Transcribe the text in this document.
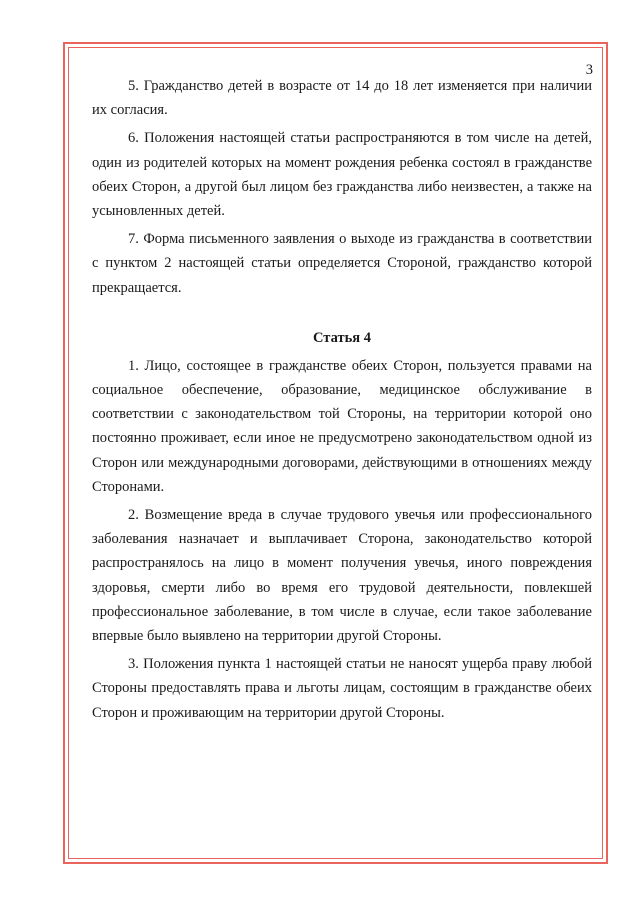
3

5. Гражданство детей в возрасте от 14 до 18 лет изменяется при наличии их согласия.

6. Положения настоящей статьи распространяются в том числе на детей, один из родителей которых на момент рождения ребенка состоял в гражданстве обеих Сторон, а другой был лицом без гражданства либо неизвестен, а также на усыновленных детей.

7. Форма письменного заявления о выходе из гражданства в соответствии с пунктом 2 настоящей статьи определяется Стороной, гражданство которой прекращается.

Статья 4

1. Лицо, состоящее в гражданстве обеих Сторон, пользуется правами на социальное обеспечение, образование, медицинское обслуживание в соответствии с законодательством той Стороны, на территории которой оно постоянно проживает, если иное не предусмотрено законодательством одной из Сторон или международными договорами, действующими в отношениях между Сторонами.

2. Возмещение вреда в случае трудового увечья или профессионального заболевания назначает и выплачивает Сторона, законодательство которой распространялось на лицо в момент получения увечья, иного повреждения здоровья, смерти либо во время его трудовой деятельности, повлекшей профессиональное заболевание, в том числе в случае, если такое заболевание впервые было выявлено на территории другой Стороны.

3. Положения пункта 1 настоящей статьи не наносят ущерба праву любой Стороны предоставлять права и льготы лицам, состоящим в гражданстве обеих Сторон и проживающим на территории другой Стороны.
